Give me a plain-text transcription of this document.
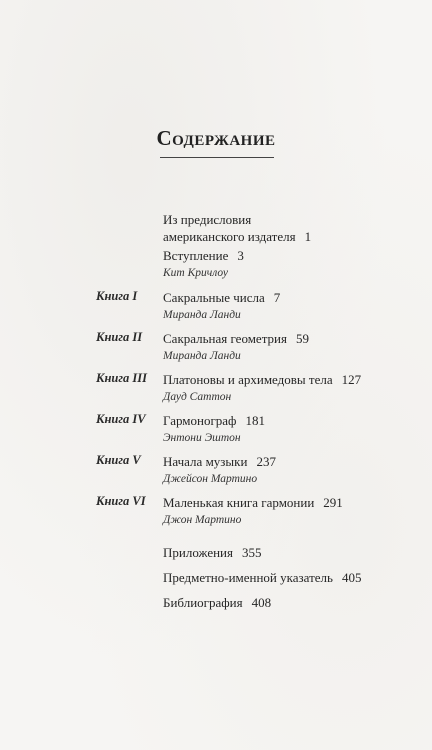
Содержание
Из предисловия
американского издателя 1
Вступление 3
Кит Кричлоу
Книга I	Сакральные числа 7
Миранда Ланди
Книга II	Сакральная геометрия 59
Миранда Ланди
Книга III	Платоновы и архимедовы тела 127
Дауд Саттон
Книга IV	Гармонограф 181
Энтони Эштон
Книга V	Начала музыки 237
Джейсон Мартино
Книга VI	Маленькая книга гармонии 291
Джон Мартино
Приложения 355
Предметно-именной указатель 405
Библиография 408
